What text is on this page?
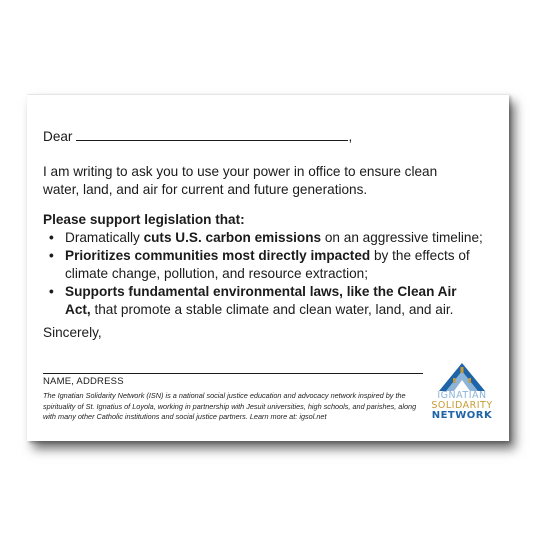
Dear	,
I am writing to ask you to use your power in office to ensure clean water, land, and air for current and future generations.
Please support legislation that:
• Dramatically cuts U.S. carbon emissions on an aggressive timeline;
• Prioritizes communities most directly impacted by the effects of climate change, pollution, and resource extraction;
• Supports fundamental environmental laws, like the Clean Air Act, that promote a stable climate and clean water, land, and air.
Sincerely,
NAME, ADDRESS
The Ignatian Solidarity Network (ISN) is a national social justice education and advocacy network inspired by the spirituality of St. Ignatius of Loyola, working in partnership with Jesuit universities, high schools, and parishes, along with many other Catholic institutions and social justice partners. Learn more at: igsol.net
IGNATIAN
SOLIDARITY
NETWORK
